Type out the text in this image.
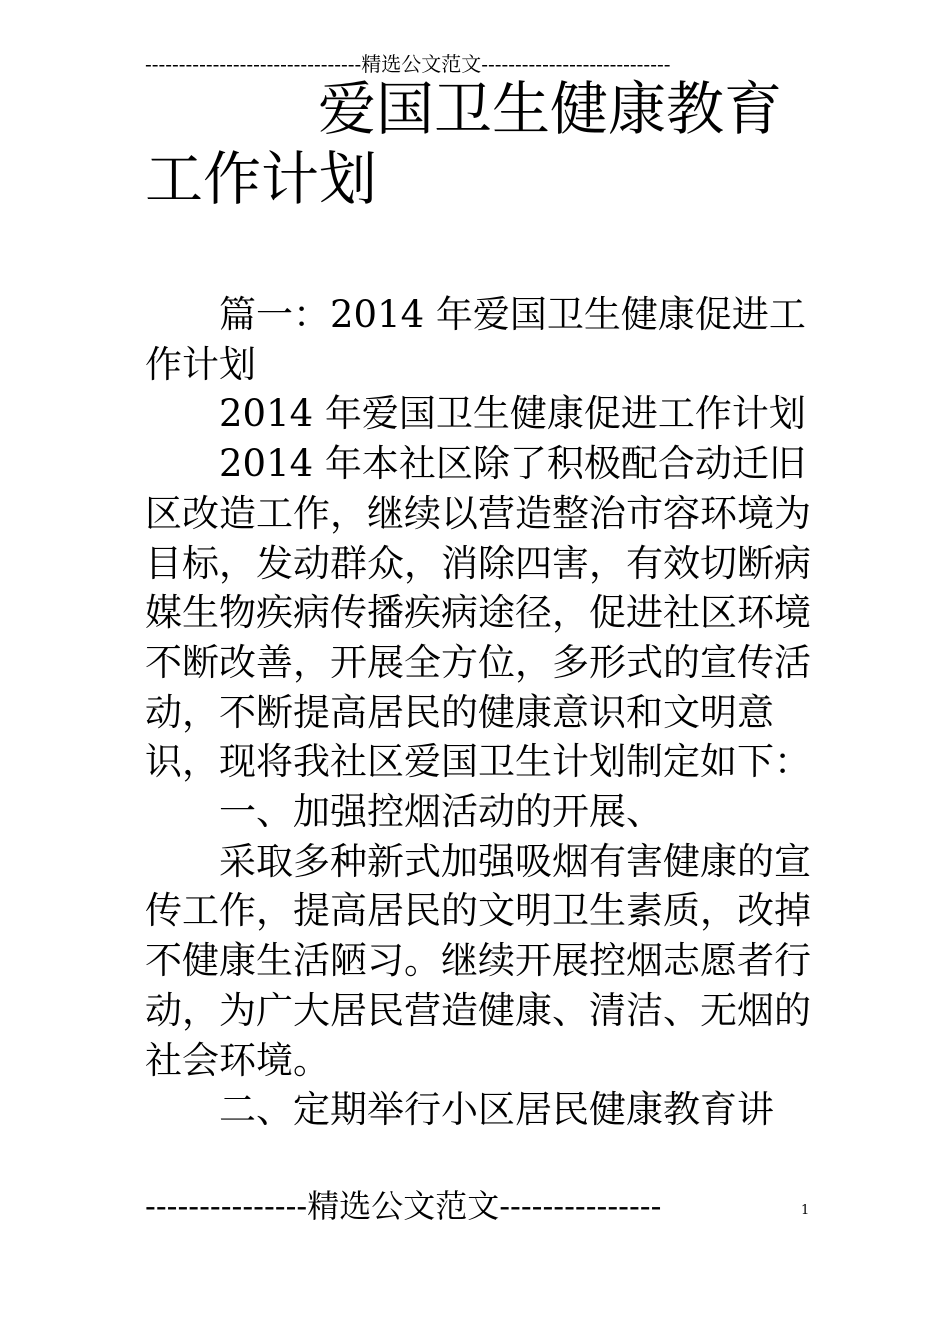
--------------------------------精选公文范文----------------------------
爱国卫生健康教育
工作计划

篇一：2014 年爱国卫生健康促进工作计划

2014 年爱国卫生健康促进工作计划

2014 年本社区除了积极配合动迁旧区改造工作，继续以营造整治市容环境为目标，发动群众，消除四害，有效切断病媒生物疾病传播疾病途径，促进社区环境不断改善，开展全方位，多形式的宣传活动，不断提高居民的健康意识和文明意识，现将我社区爱国卫生计划制定如下：

一、加强控烟活动的开展、

采取多种新式加强吸烟有害健康的宣传工作，提高居民的文明卫生素质，改掉不健康生活陋习。继续开展控烟志愿者行动，为广大居民营造健康、清洁、无烟的社会环境。

二、定期举行小区居民健康教育讲

---------------精选公文范文---------------	1
